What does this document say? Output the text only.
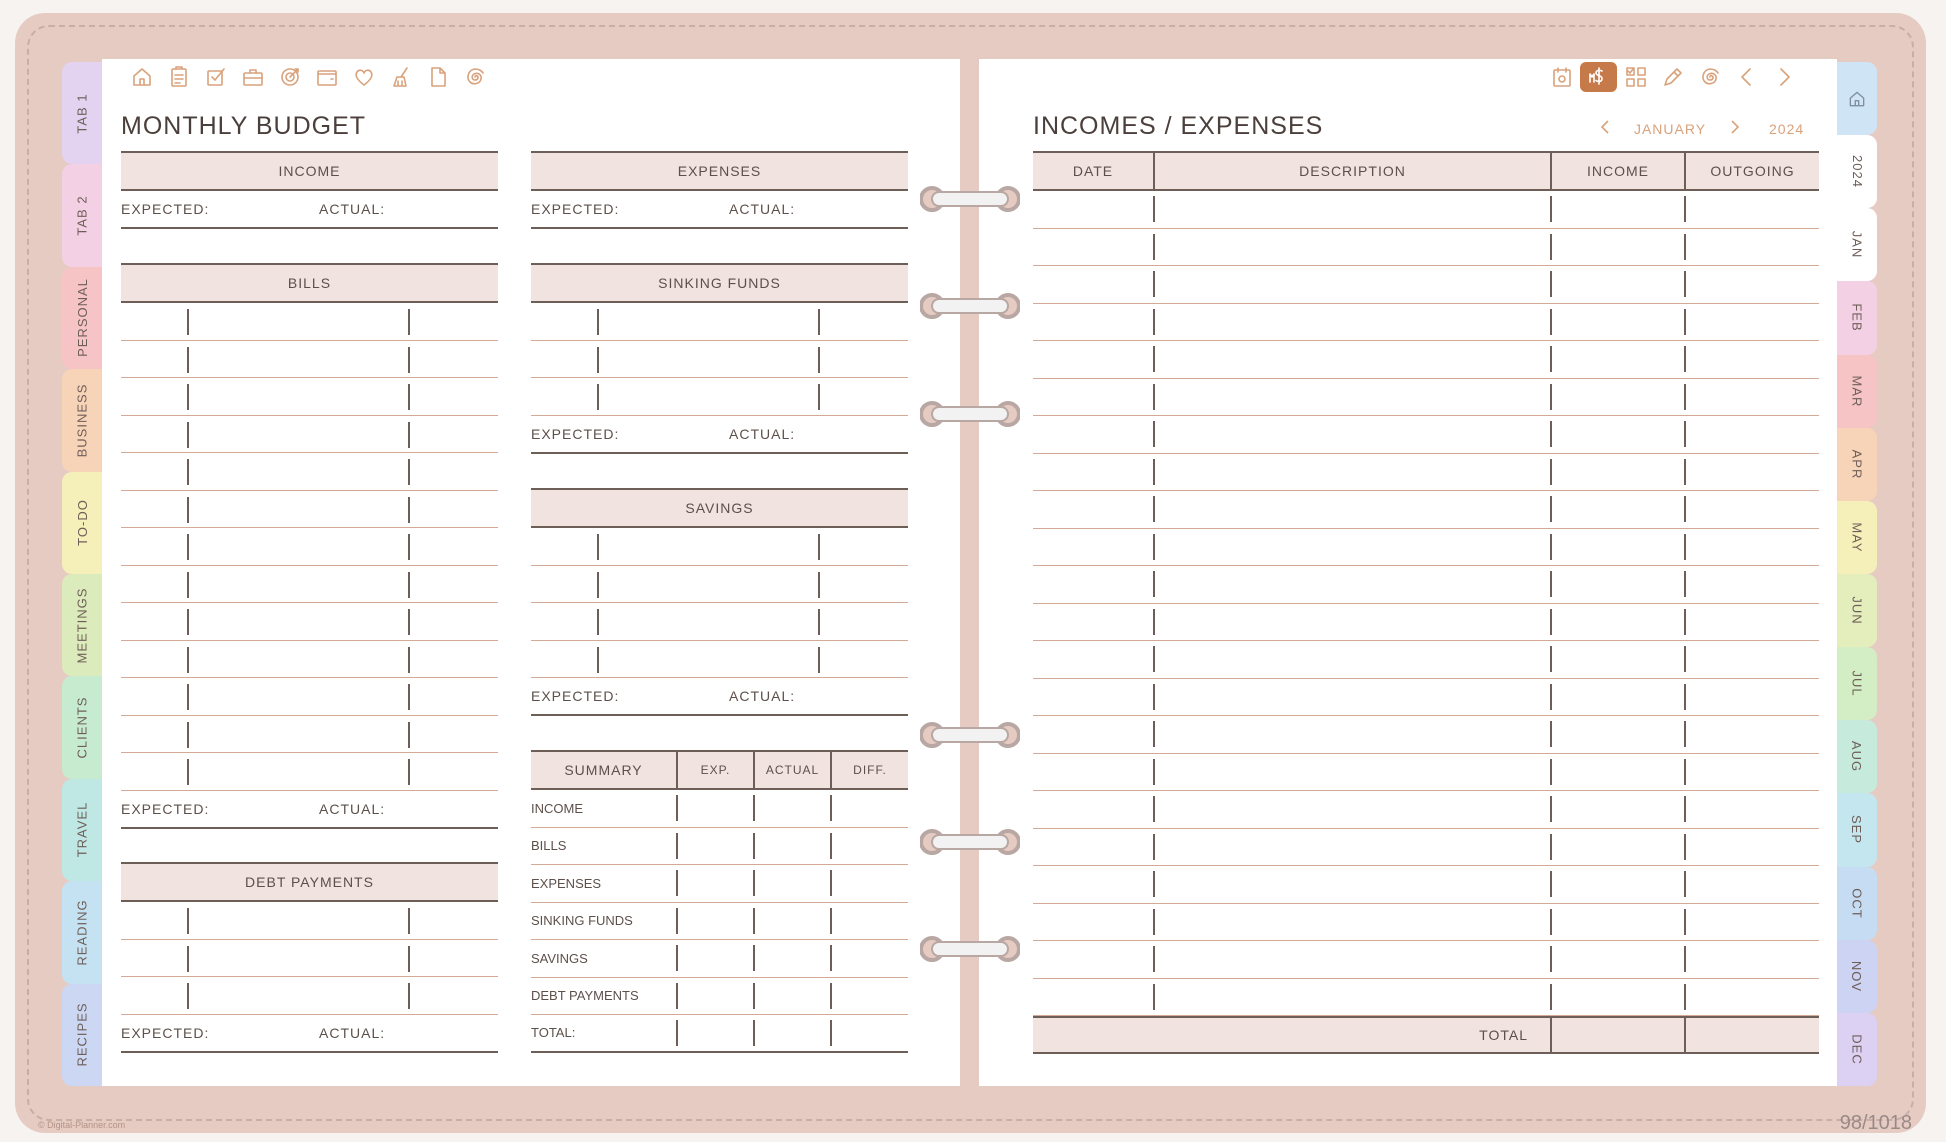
TAB 1
TAB 2
PERSONAL
BUSINESS
TO-DO
MEETINGS
CLIENTS
TRAVEL
READING
RECIPES
2024
JAN
FEB
MAR
APR
MAY
JUN
JUL
AUG
SEP
OCT
NOV
DEC
MONTHLY BUDGET
INCOME
EXPECTED:	ACTUAL:
EXPENSES
EXPECTED:	ACTUAL:
BILLS
EXPECTED:	ACTUAL:
SINKING FUNDS
EXPECTED:	ACTUAL:
SAVINGS
EXPECTED:	ACTUAL:
DEBT PAYMENTS
EXPECTED:	ACTUAL:
SUMMARY	EXP.	ACTUAL	DIFF.
INCOME
BILLS
EXPENSES
SINKING FUNDS
SAVINGS
DEBT PAYMENTS
TOTAL:
INCOMES / EXPENSES	JANUARY	2024
DATE	DESCRIPTION	INCOME	OUTGOING
TOTAL
© Digital-Planner.com	98/1018
